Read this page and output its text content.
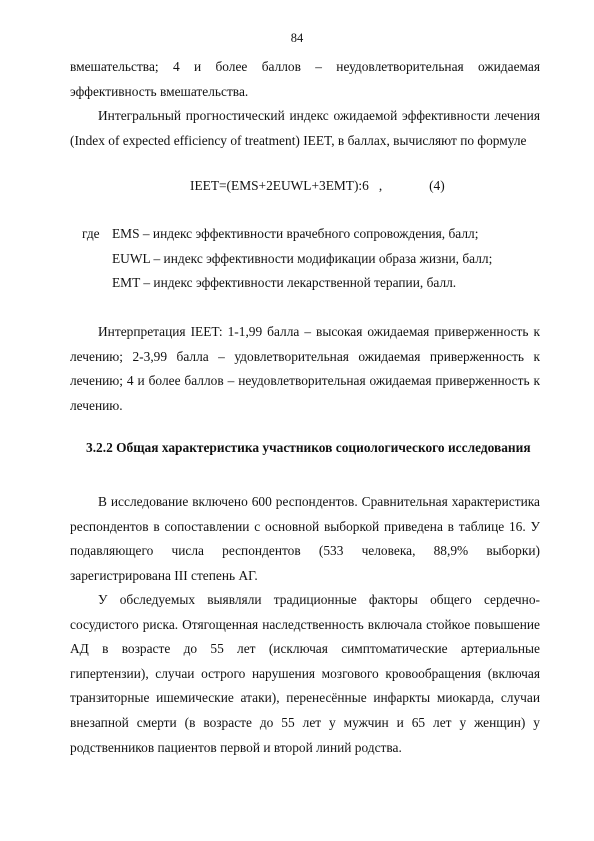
84

вмешательства; 4 и более баллов – неудовлетворительная ожидаемая эффективность вмешательства.

Интегральный прогностический индекс ожидаемой эффективности лечения (Index of expected efficiency of treatment) IEET, в баллах, вычисляют по формуле

IEET=(EMS+2EUWL+3EMT):6   ,              (4)
где EMS – индекс эффективности врачебного сопровождения, балл;
EUWL – индекс эффективности модификации образа жизни, балл;
EMT – индекс эффективности лекарственной терапии, балл.

Интерпретация IEET: 1-1,99 балла – высокая ожидаемая приверженность к лечению; 2-3,99 балла – удовлетворительная ожидаемая приверженность к лечению; 4 и более баллов – неудовлетворительная ожидаемая приверженность к лечению.

3.2.2 Общая характеристика участников социологического исследования

В исследование включено 600 респондентов. Сравнительная характеристика респондентов в сопоставлении с основной выборкой приведена в таблице 16. У подавляющего числа респондентов (533 человека, 88,9% выборки) зарегистрирована III степень АГ.

У обследуемых выявляли традиционные факторы общего сердечно-сосудистого риска. Отягощенная наследственность включала стойкое повышение АД в возрасте до 55 лет (исключая симптоматические артериальные гипертензии), случаи острого нарушения мозгового кровообращения (включая транзиторные ишемические атаки), перенесённые инфаркты миокарда, случаи внезапной смерти (в возрасте до 55 лет у мужчин и 65 лет у женщин) у родственников пациентов первой и второй линий родства.
